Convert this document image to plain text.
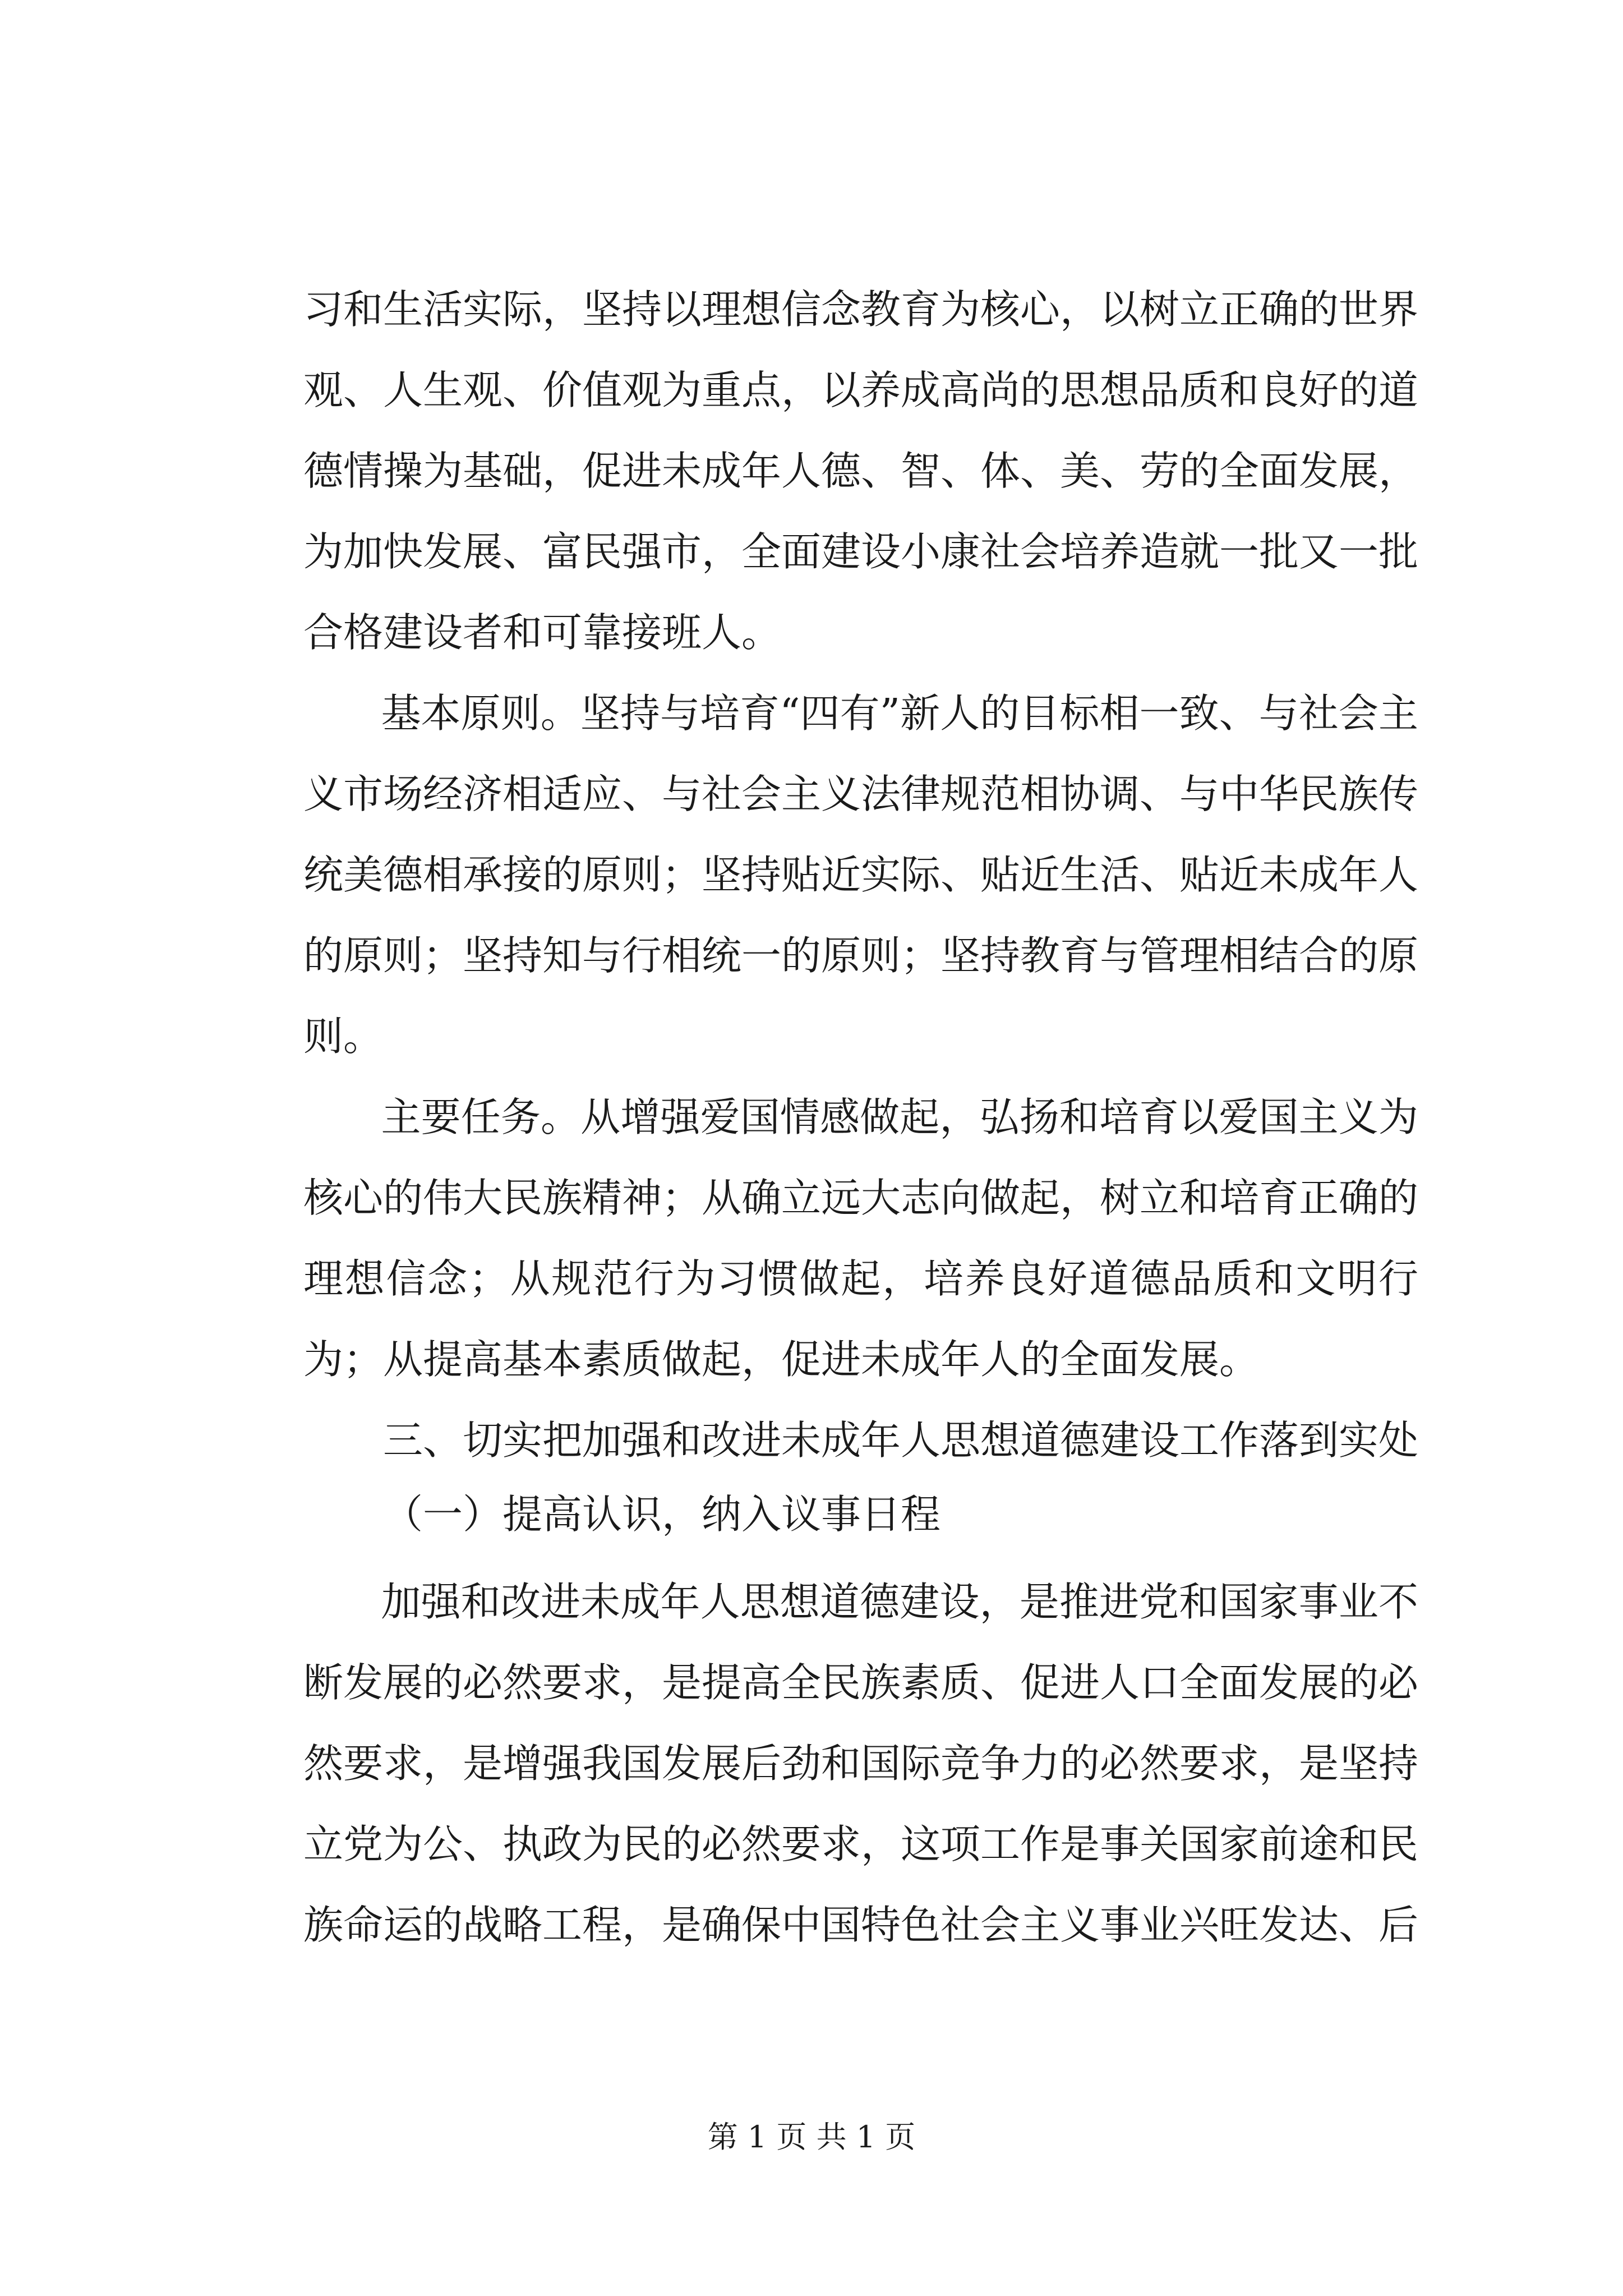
习和生活实际，坚持以理想信念教育为核心，以树立正确的世界观、人生观、价值观为重点，以养成高尚的思想品质和良好的道德情操为基础，促进未成年人德、智、体、美、劳的全面发展，为加快发展、富民强市，全面建设小康社会培养造就一批又一批合格建设者和可靠接班人。

基本原则。坚持与培育“四有”新人的目标相一致、与社会主义市场经济相适应、与社会主义法律规范相协调、与中华民族传统美德相承接的原则；坚持贴近实际、贴近生活、贴近未成年人的原则；坚持知与行相统一的原则；坚持教育与管理相结合的原则。

主要任务。从增强爱国情感做起，弘扬和培育以爱国主义为核心的伟大民族精神；从确立远大志向做起，树立和培育正确的理想信念；从规范行为习惯做起，培养良好道德品质和文明行为；从提高基本素质做起，促进未成年人的全面发展。

三、切实把加强和改进未成年人思想道德建设工作落到实处

（一）提高认识，纳入议事日程

加强和改进未成年人思想道德建设，是推进党和国家事业不断发展的必然要求，是提高全民族素质、促进人口全面发展的必然要求，是增强我国发展后劲和国际竞争力的必然要求，是坚持立党为公、执政为民的必然要求，这项工作是事关国家前途和民族命运的战略工程，是确保中国特色社会主义事业兴旺发达、后

第 1 页 共 1 页
